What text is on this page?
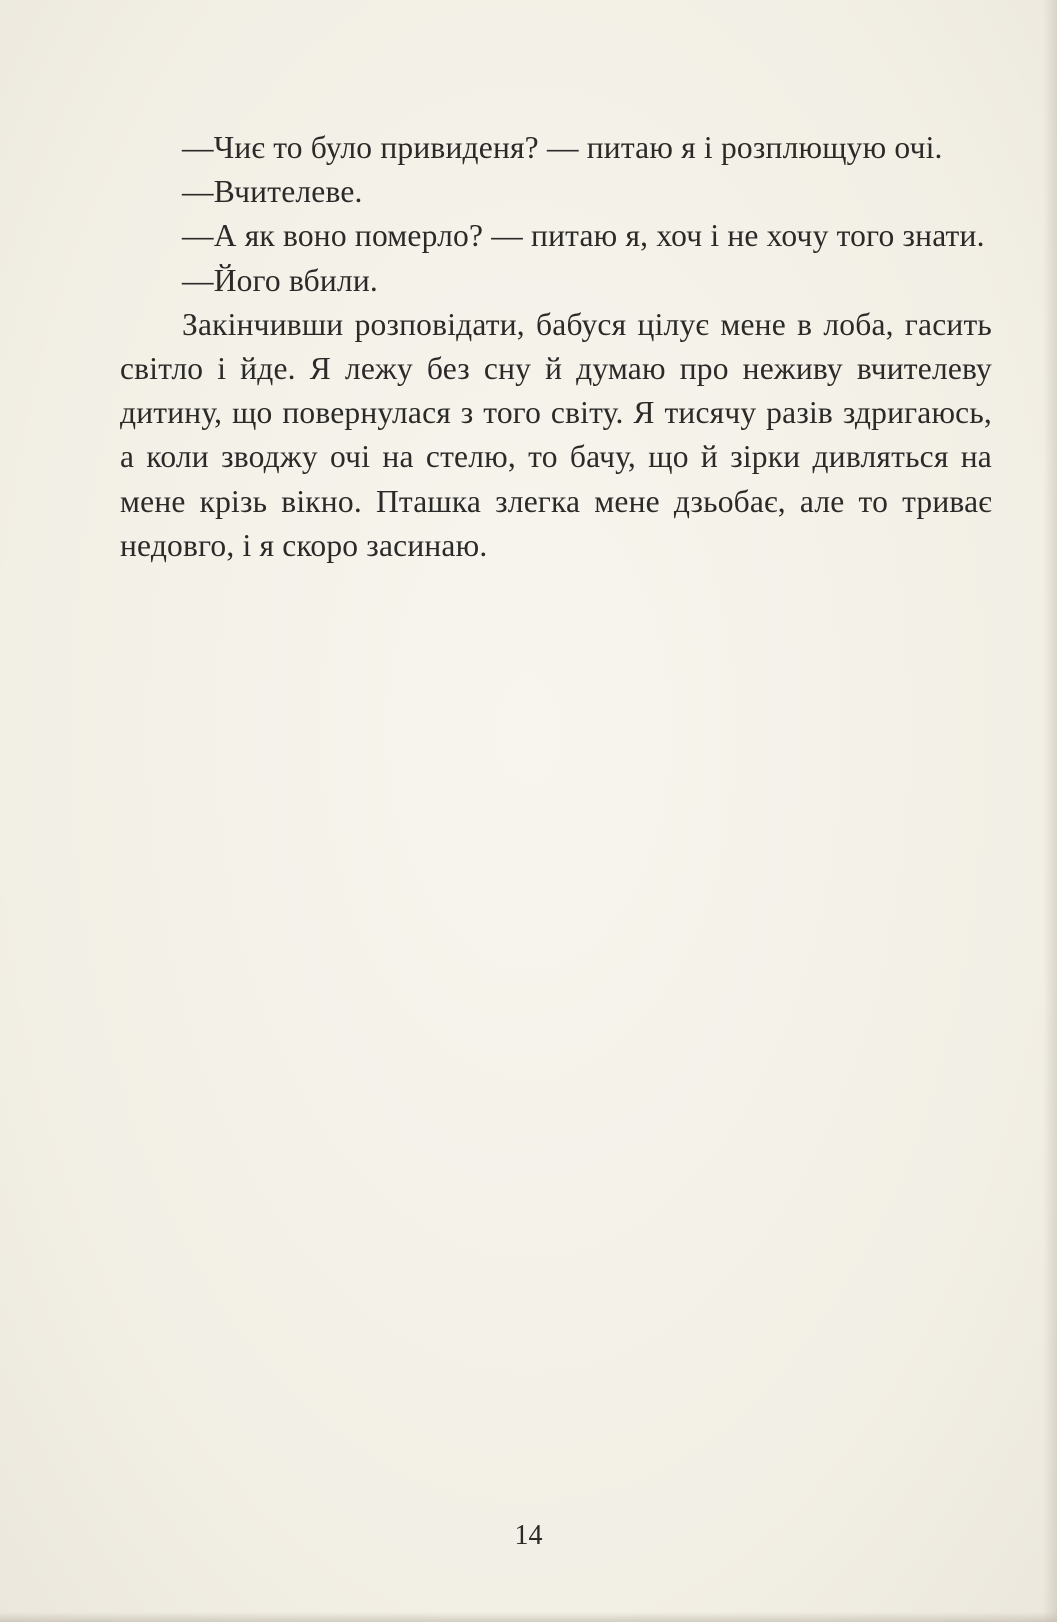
—Чиє то було привиденя? — питаю я і розплющую очі.

—Вчителеве.

—А як воно померло? — питаю я, хоч і не хочу того знати.

—Його вбили.

Закінчивши розповідати, бабуся цілує мене в лоба, гасить світло і йде. Я лежу без сну й думаю про неживу вчителеву дитину, що повернулася з того світу. Я тисячу разів здригаюсь, а коли зводжу очі на стелю, то бачу, що й зірки дивляться на мене крізь вікно. Пташка злегка мене дзьобає, але то триває недовго, і я скоро засинаю.

14
